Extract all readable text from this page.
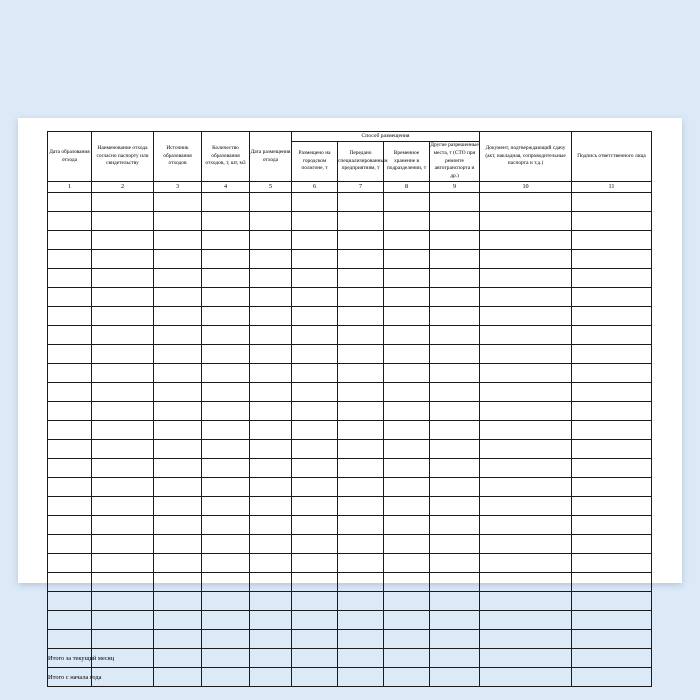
Дата образования отхода	Наименование отхода согласно паспорту или свидетельству	Источник образования отходов	Количество образования отходов, т, шт, м3	Дата размещения отхода	Способ размещения				Документ, подтверждающий сдачу (акт, накладная, сопроводительные паспорта и т.д.)	Подпись ответственного лица
					Размещено на городском полигоне, т	Передано специализированным предприятиям, т	Временное хранение в подразделении, т	Другие разрешенные места, т (СТО при ремонте автотранспорта и др.)		
1	2	3	4	5	6	7	8	9	10	11

Итого за текущий месяц										
Итого с начала года										
